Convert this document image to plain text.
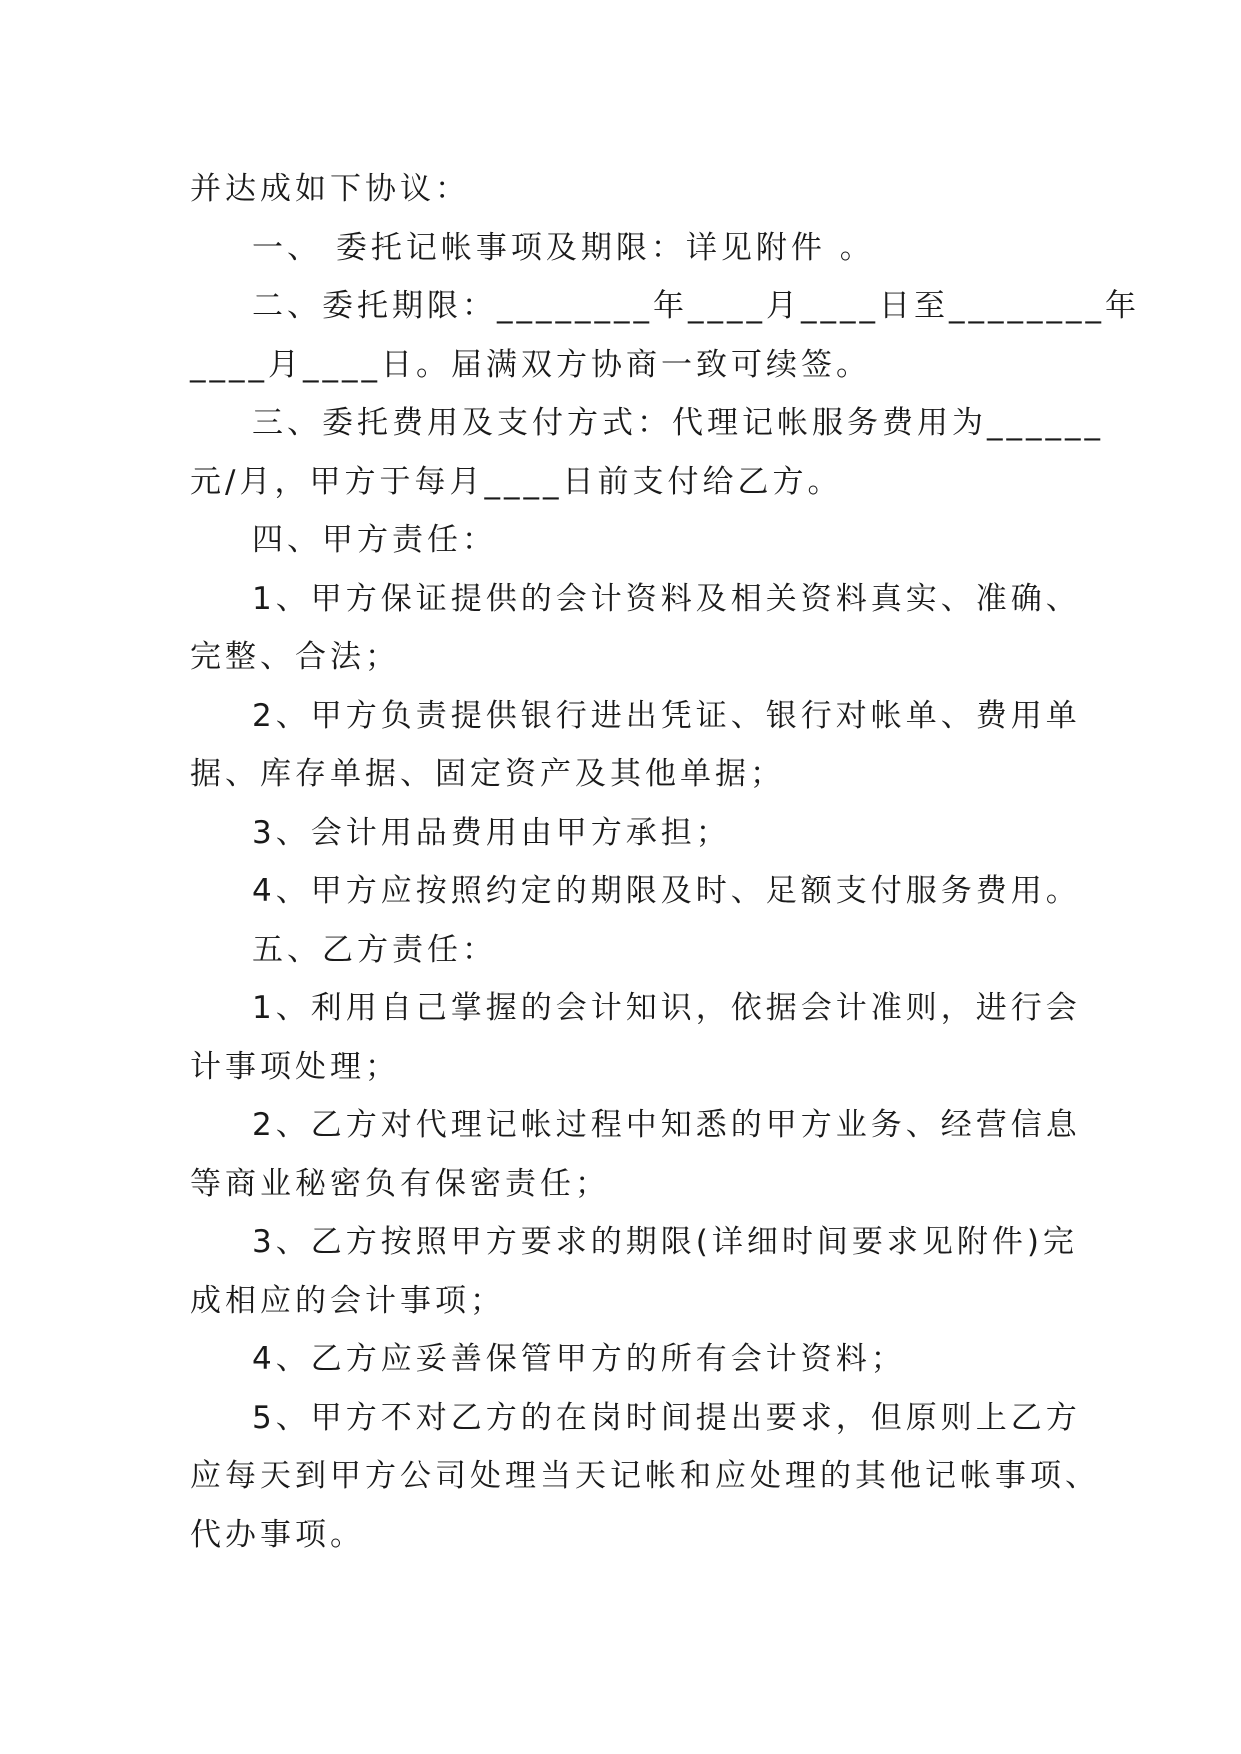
并达成如下协议：
一、 委托记帐事项及期限：详见附件 。
二、委托期限：________年____月____日至________年
____月____日。届满双方协商一致可续签。
三、委托费用及支付方式：代理记帐服务费用为______
元/月，甲方于每月____日前支付给乙方。
四、甲方责任：
1、甲方保证提供的会计资料及相关资料真实、准确、
完整、合法；
2、甲方负责提供银行进出凭证、银行对帐单、费用单
据、库存单据、固定资产及其他单据；
3、会计用品费用由甲方承担；
4、甲方应按照约定的期限及时、足额支付服务费用。
五、乙方责任：
1、利用自己掌握的会计知识，依据会计准则，进行会
计事项处理；
2、乙方对代理记帐过程中知悉的甲方业务、经营信息
等商业秘密负有保密责任；
3、乙方按照甲方要求的期限(详细时间要求见附件)完
成相应的会计事项；
4、乙方应妥善保管甲方的所有会计资料；
5、甲方不对乙方的在岗时间提出要求，但原则上乙方
应每天到甲方公司处理当天记帐和应处理的其他记帐事项、
代办事项。
